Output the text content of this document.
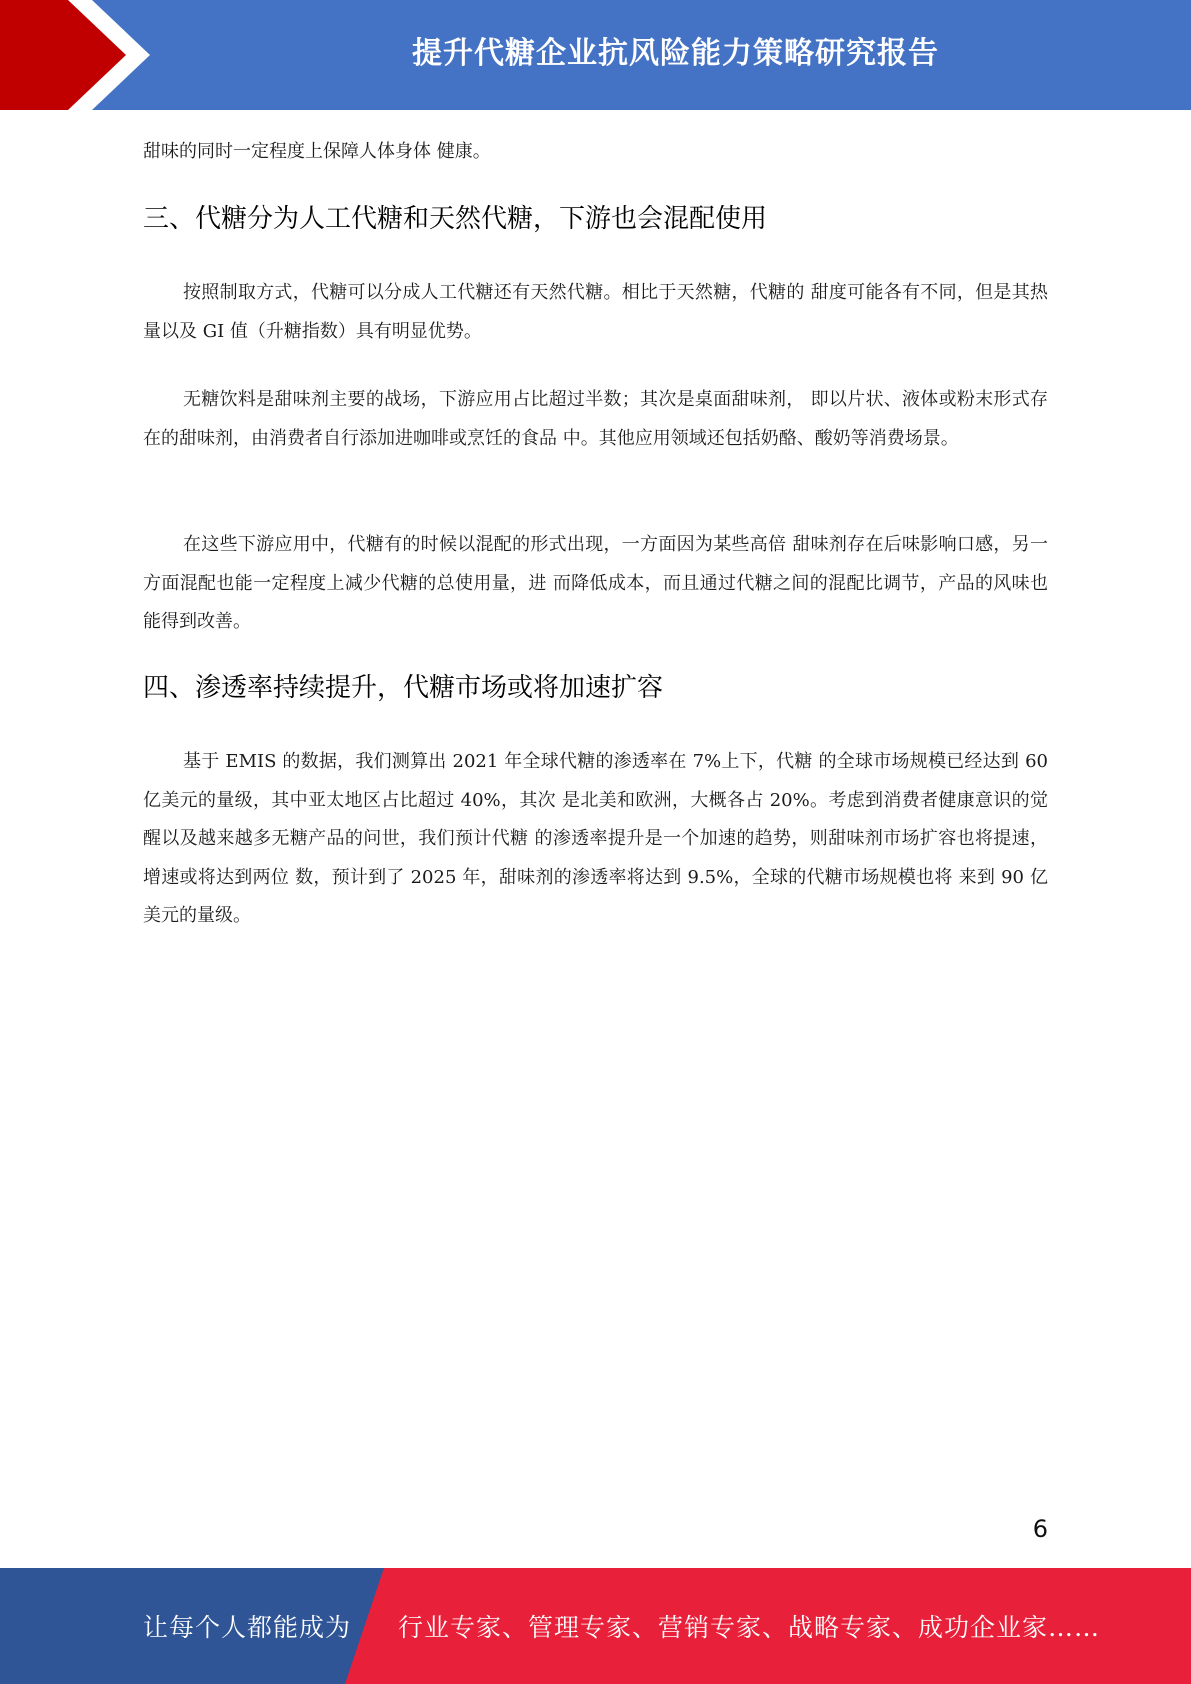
提升代糖企业抗风险能力策略研究报告

甜味的同时一定程度上保障人体身体 健康。

三、代糖分为人工代糖和天然代糖，下游也会混配使用

按照制取方式，代糖可以分成人工代糖还有天然代糖。相比于天然糖，代糖的 甜度可能各有不同，但是其热量以及 GI 值（升糖指数）具有明显优势。

无糖饮料是甜味剂主要的战场，下游应用占比超过半数；其次是桌面甜味剂， 即以片状、液体或粉末形式存在的甜味剂，由消费者自行添加进咖啡或烹饪的食品 中。其他应用领域还包括奶酪、酸奶等消费场景。

在这些下游应用中，代糖有的时候以混配的形式出现，一方面因为某些高倍 甜味剂存在后味影响口感，另一方面混配也能一定程度上减少代糖的总使用量，进 而降低成本，而且通过代糖之间的混配比调节，产品的风味也能得到改善。

四、渗透率持续提升，代糖市场或将加速扩容

基于 EMIS 的数据，我们测算出 2021 年全球代糖的渗透率在 7%上下，代糖 的全球市场规模已经达到 60 亿美元的量级，其中亚太地区占比超过 40%，其次 是北美和欧洲，大概各占 20%。考虑到消费者健康意识的觉醒以及越来越多无糖产品的问世，我们预计代糖 的渗透率提升是一个加速的趋势，则甜味剂市场扩容也将提速，增速或将达到两位 数，预计到了 2025 年，甜味剂的渗透率将达到 9.5%，全球的代糖市场规模也将 来到 90 亿美元的量级。

6
让每个人都能成为 行业专家、管理专家、营销专家、战略专家、成功企业家……
